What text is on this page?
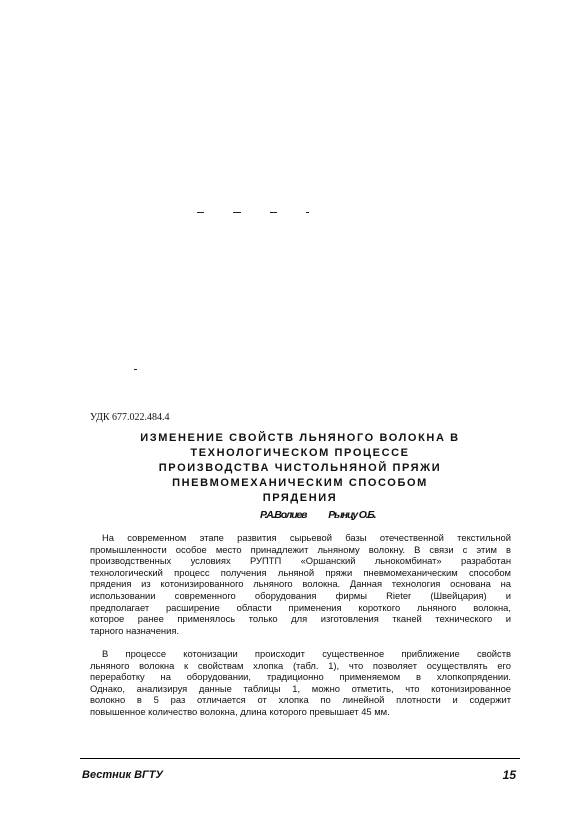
УДК 677.022.484.4
ИЗМЕНЕНИЕ СВОЙСТВ ЛЬНЯНОГО ВОЛОКНА В
ТЕХНОЛОГИЧЕСКОМ ПРОЦЕССЕ
ПРОИЗВОДСТВА ЧИСТОЛЬНЯНОЙ ПРЯЖИ
ПНЕВМОМЕХАНИЧЕСКИМ СПОСОБОМ
ПРЯДЕНИЯ
Р.А.Волиев Рынцу О.Б.
На современном этапе развития сырьевой базы отечественной текстильной
промышленности особое место принадлежит льняному волокну. В связи с этим в
производственных условиях РУПТП «Оршанский льнокомбинат» разработан
технологический процесс получения льняной пряжи пневмомеханическим способом
прядения из котонизированного льняного волокна. Данная технология основана на
использовании современного оборудования фирмы Rieter (Швейцария) и
предполагает расширение области применения короткого льняного волокна,
которое ранее применялось только для изготовления тканей технического и
тарного назначения.
В процессе котонизации происходит существенное приближение свойств
льняного волокна к свойствам хлопка (табл. 1), что позволяет осуществлять его
переработку на оборудовании, традиционно применяемом в хлопкопрядении.
Однако, анализируя данные таблицы 1, можно отметить, что котонизированное
волокно в 5 раз отличается от хлопка по линейной плотности и содержит
повышенное количество волокна, длина которого превышает 45 мм.
Вестник ВГТУ	15
